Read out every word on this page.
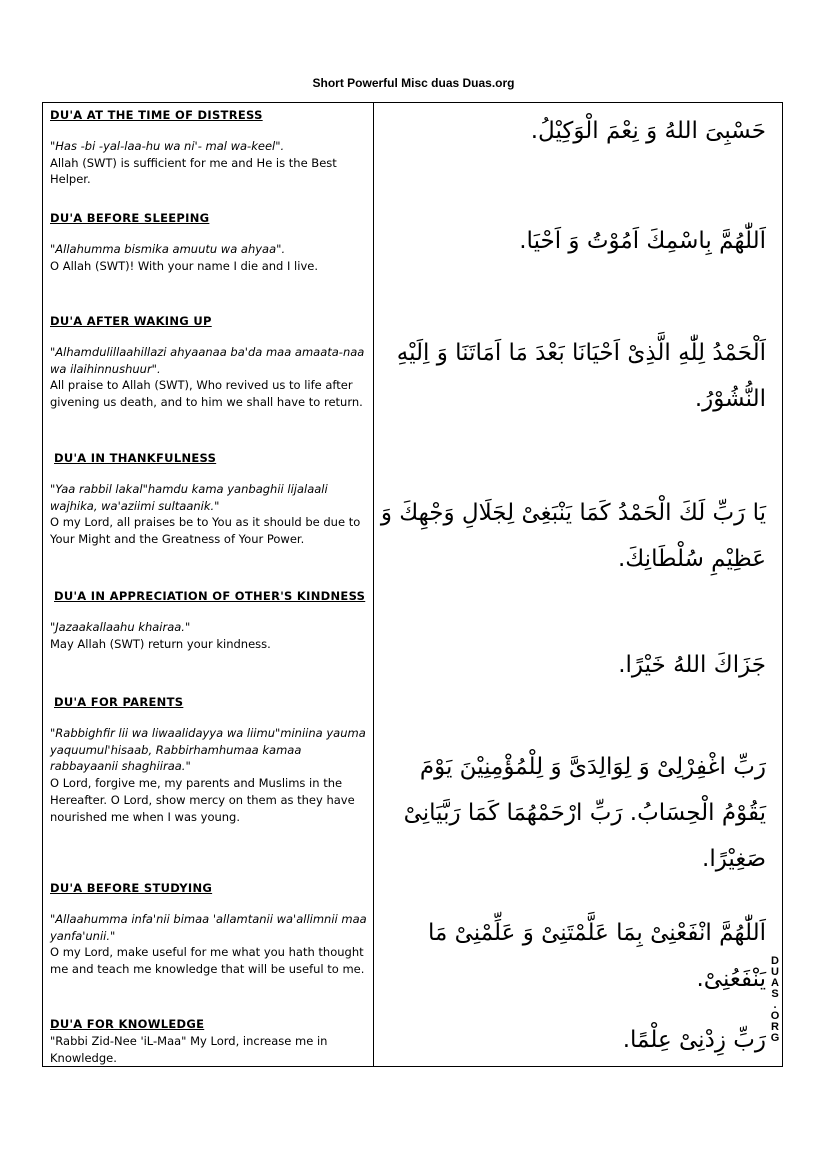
Short Powerful Misc duas Duas.org
DU'A AT THE TIME OF DISTRESS
"Has -bi -yal-laa-hu wa ni'- mal wa-keel".
Allah (SWT) is sufficient for me and He is the Best Helper.
DU'A BEFORE SLEEPING
"Allahumma bismika amuutu wa ahyaa".
O Allah (SWT)! With your name I die and I live.
DU'A AFTER WAKING UP
"Alhamdulillaahillazi ahyaanaa ba'da maa amaata-naa wa ilaihinnushuur".
All praise to Allah (SWT), Who revived us to life after givening us death, and to him we shall have to return.
DU'A IN THANKFULNESS
"Yaa rabbil lakal"hamdu kama yanbaghii lijalaali wajhika, wa'aziimi sultaanik."
O my Lord, all praises be to You as it should be due to Your Might and the Greatness of Your Power.
DU'A IN APPRECIATION OF OTHER'S KINDNESS
"Jazaakallaahu khairaa."
May Allah (SWT) return your kindness.
DU'A FOR PARENTS
"Rabbighfir lii wa liwaalidayya wa liimu"miniina yauma yaquumul'hisaab, Rabbirhamhumaa kamaa rabbayaanii shaghiiraa."
O Lord, forgive me, my parents and Muslims in the Hereafter. O Lord, show mercy on them as they have nourished me when I was young.
DU'A BEFORE STUDYING
"Allaahumma infa'nii bimaa 'allamtanii wa'allimnii maa yanfa'unii."
O my Lord, make useful for me what you hath thought me and teach me knowledge that will be useful to me.
DU'A FOR KNOWLEDGE
"Rabbi Zid-Nee 'iL-Maa" My Lord, increase me in Knowledge.
حَسْبِىَ اللهُ وَ نِعْمَ الْوَكِيْلُ.
اَللّٰهُمَّ بِاسْمِكَ اَمُوْتُ وَ اَحْيَا.
اَلْحَمْدُ لِلّٰهِ الَّذِىْ اَحْيَانَا بَعْدَ مَا اَمَاتَنَا وَ اِلَيْهِ النُّشُوْرُ.
يَا رَبِّ لَكَ الْحَمْدُ كَمَا يَنْبَغِىْ لِجَلَالِ وَجْهِكَ وَ عَظِيْمِ سُلْطَانِكَ.
جَزَاكَ اللهُ خَيْرًا.
رَبِّ اغْفِرْلِىْ وَ لِوَالِدَىَّ وَ لِلْمُؤْمِنِيْنَ يَوْمَ يَقُوْمُ الْحِسَابُ. رَبِّ ارْحَمْهُمَا كَمَا رَبَّيَانِىْ صَغِيْرًا.
اَللّٰهُمَّ انْفَعْنِىْ بِمَا عَلَّمْتَنِىْ وَ عَلِّمْنِىْ مَا يَنْفَعُنِىْ.
رَبِّ زِدْنِىْ عِلْمًا.
D
U
A
S
.
O
R
G
